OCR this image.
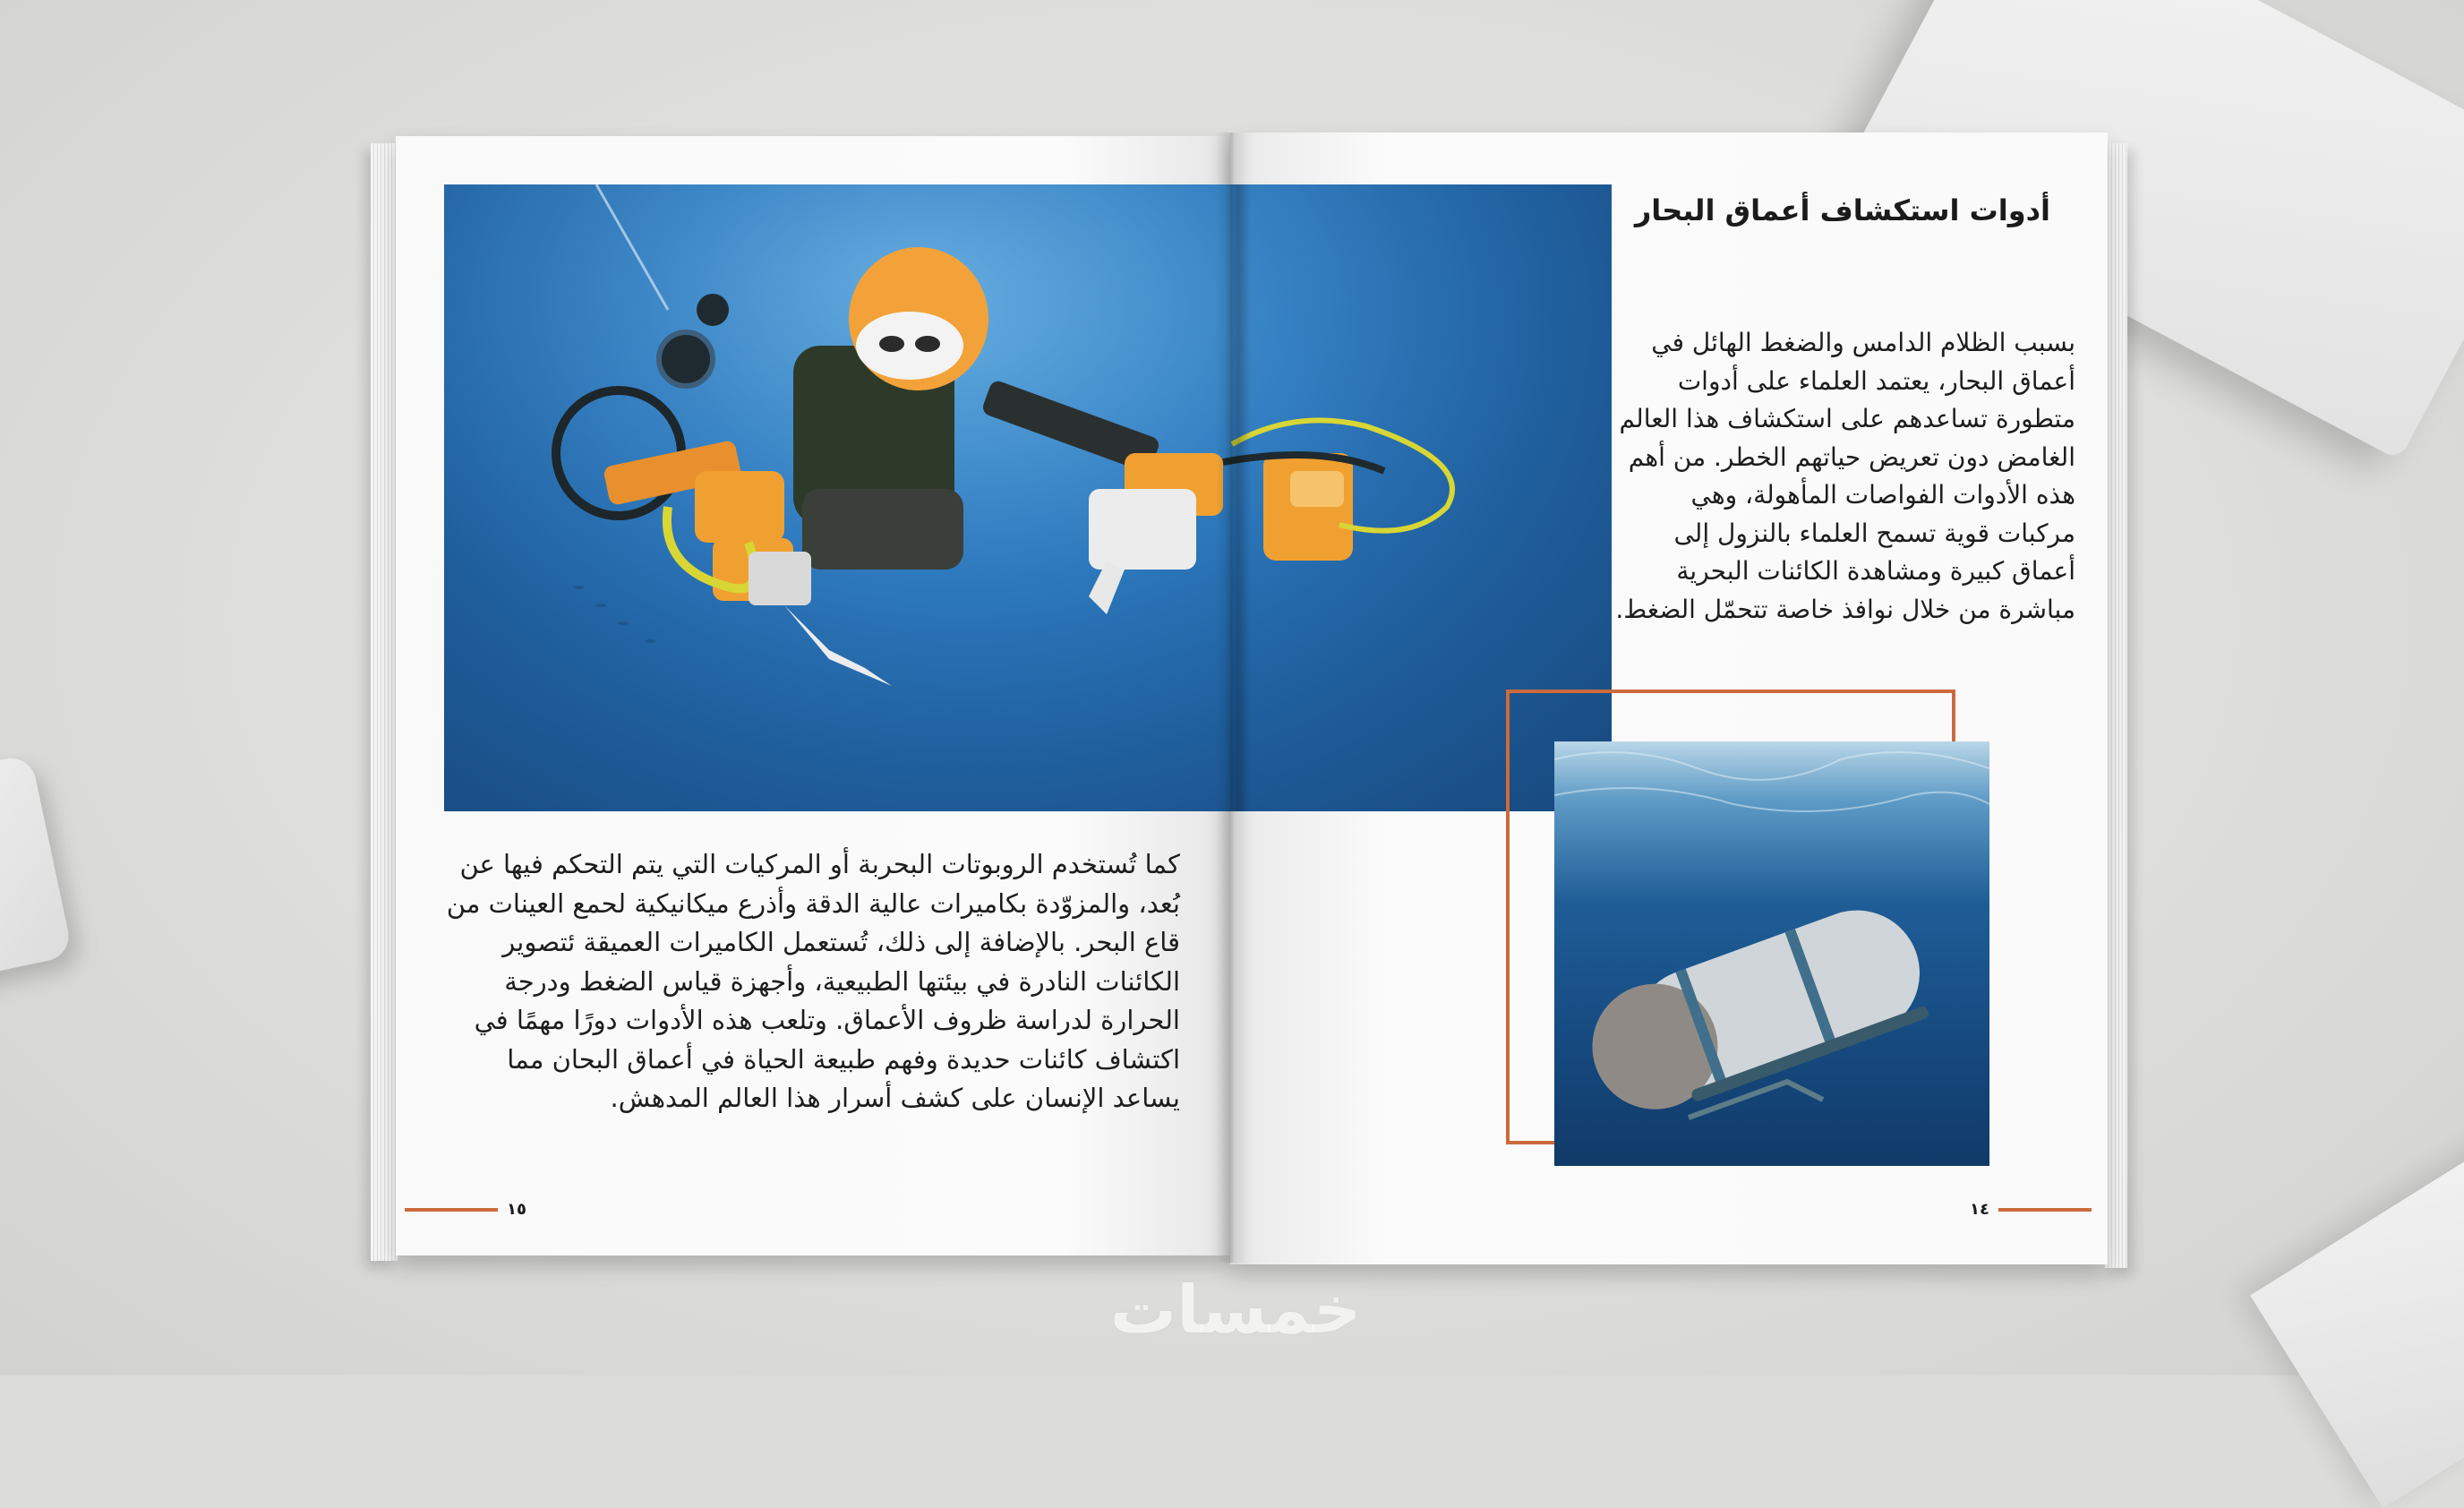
أدوات استكشاف أعماق البحار
بسبب الظلام الدامس والضغط الهائل في أعماق البحار، يعتمد العلماء على أدوات متطورة تساعدهم على استكشاف هذا العالم الغامض دون تعريض حياتهم الخطر. من أهم هذه الأدوات الفواصات المأهولة، وهي مركبات قوية تسمح العلماء بالنزول إلى أعماق كبيرة ومشاهدة الكائنات البحرية مباشرة من خلال نوافذ خاصة تتحمّل الضغط.
كما تُستخدم الروبوتات البحربة أو المركيات التي يتم التحكم فيها عن بُعد، والمزوّدة بكاميرات عالية الدقة وأذرع ميكانيكية لحمع العينات من قاع البحر. بالإضافة إلى ذلك، تُستعمل الكاميرات العميقة ئتصوير الكائنات النادرة في بيئتها الطبيعية، وأجهزة قياس الضغط ودرجة الحرارة لدراسة ظروف الأعماق. وتلعب هذه الأدوات دورًا مهمًا في اكتشاف كائنات حديدة وفهم طبيعة الحياة في أعماق البحان مما يساعد الإنسان على كشف أسرار هذا العالم المدهش.
١٥	١٤
خمسات
